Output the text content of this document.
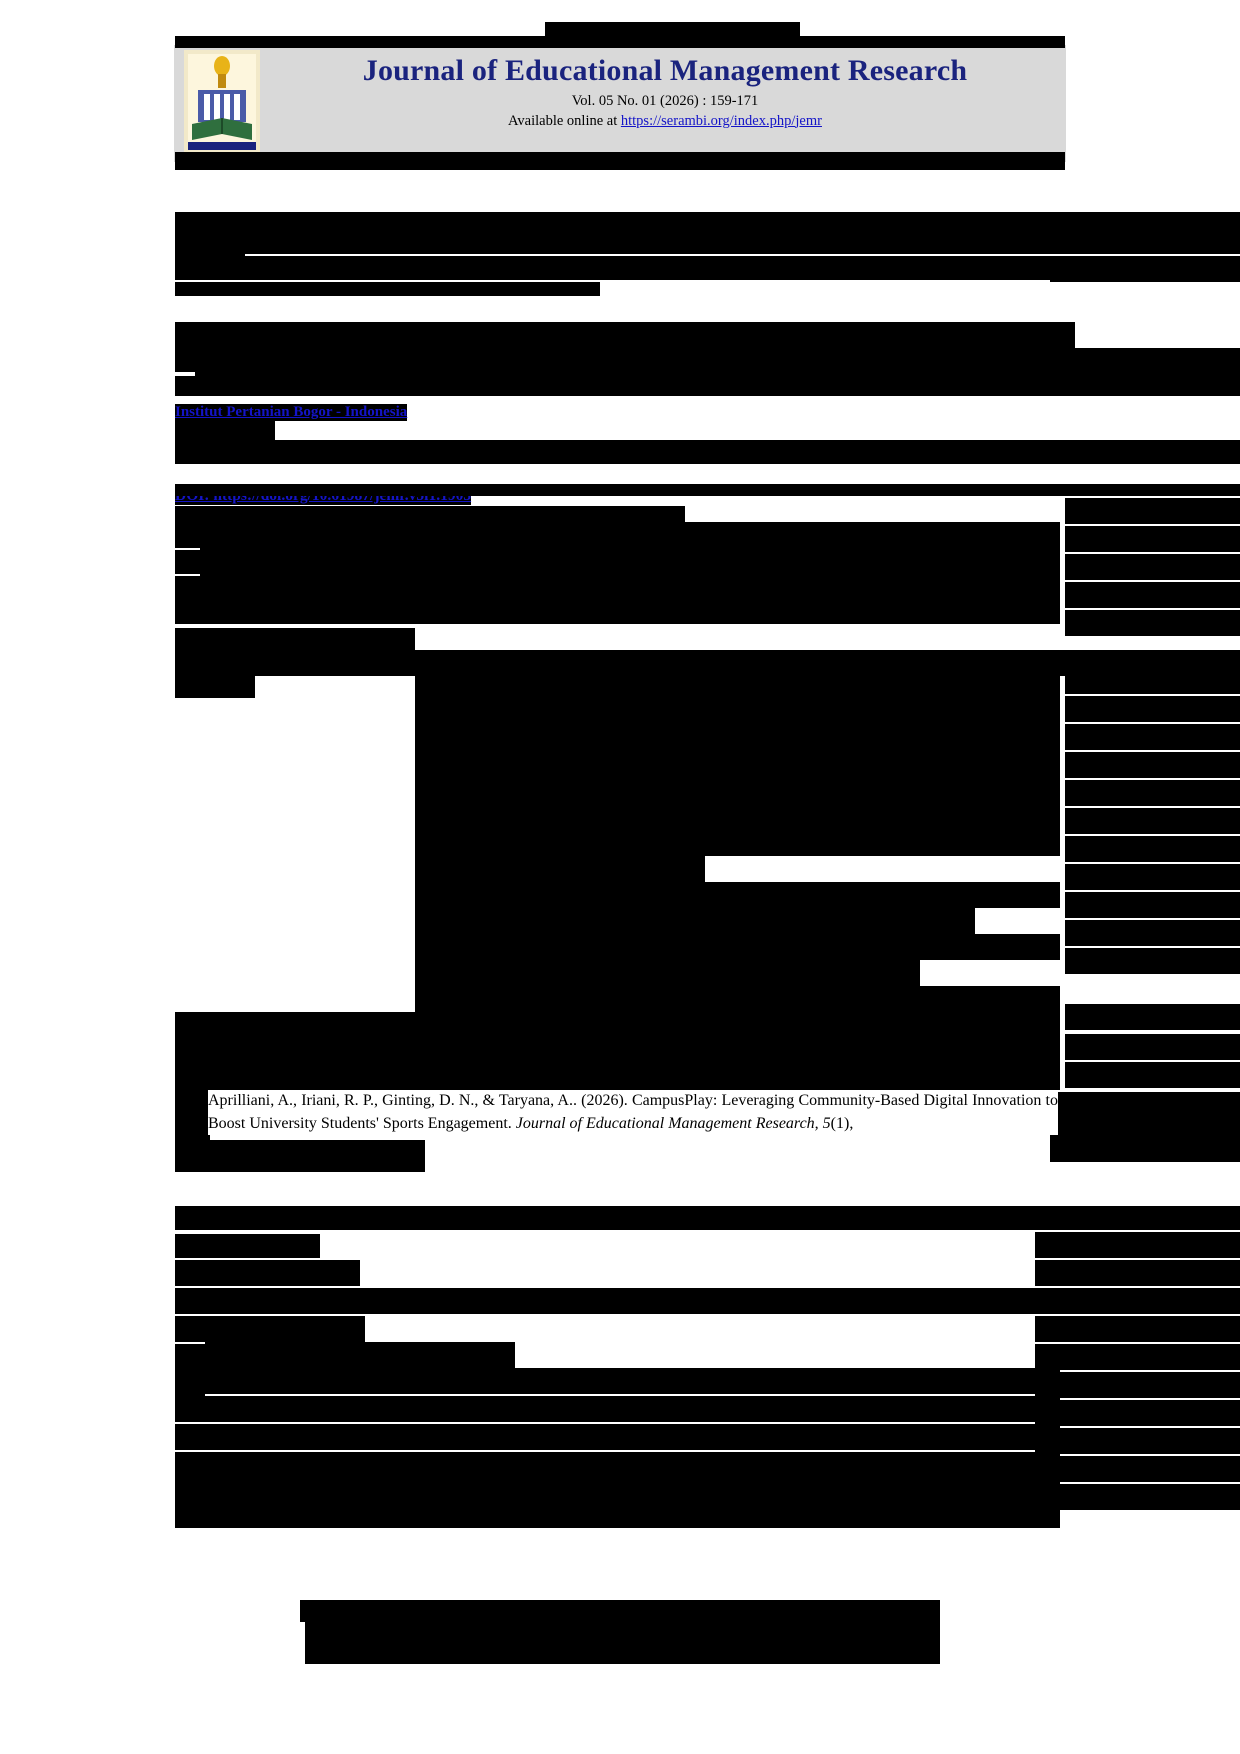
Journal of Educational Management Research
Vol. 05 No. 01 (2026) : 159-171
Available online at https://serambi.org/index.php/jemr
Institut Pertanian Bogor - Indonesia
Aprilliani, A., Iriani, R. P., Ginting, D. N., & Taryana, A.. (2026). CampusPlay: Leveraging Community-Based Digital Innovation to Boost University Students' Sports Engagement. Journal of Educational Management Research, 5(1),
